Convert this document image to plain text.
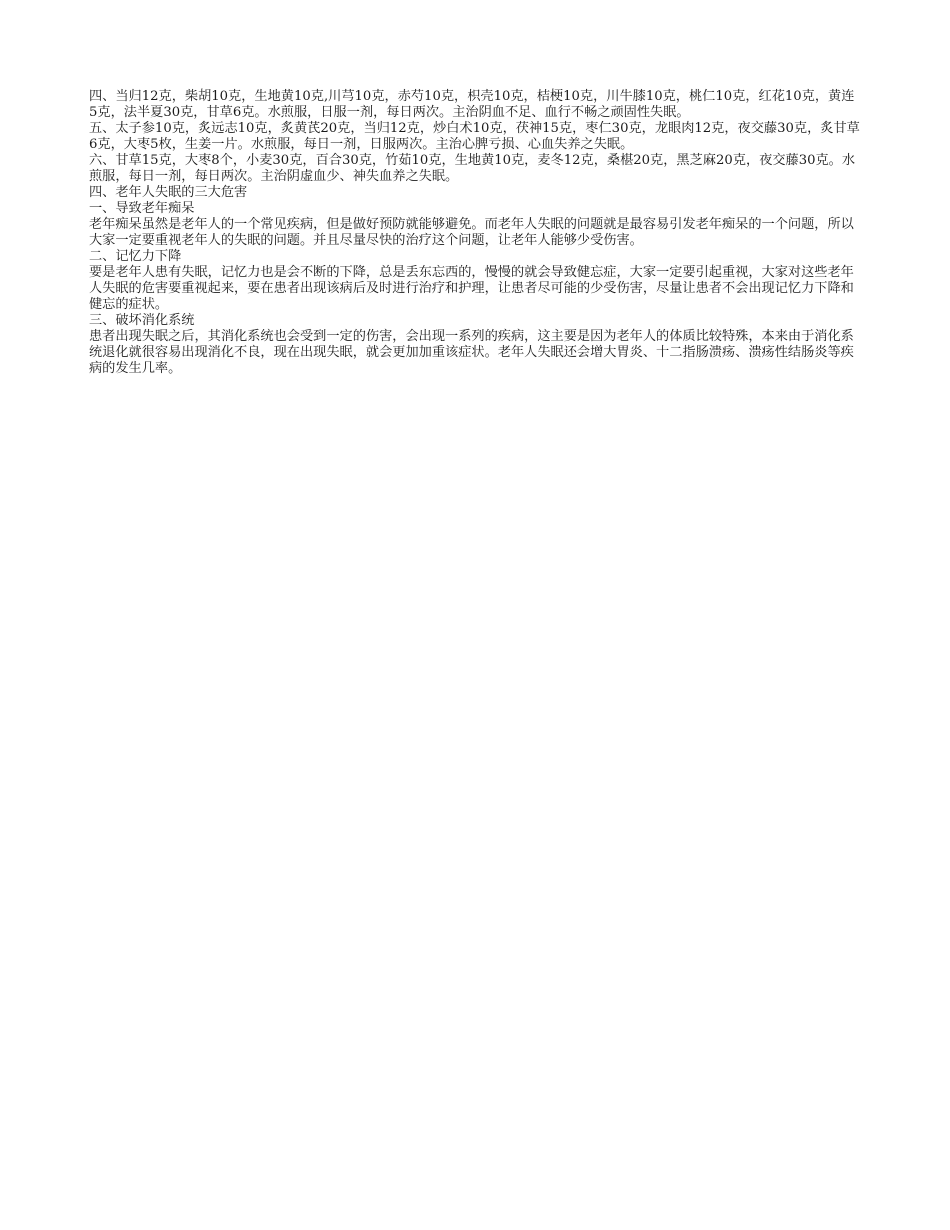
四、当归12克，柴胡10克，生地黄10克,川芎10克，赤芍10克，枳壳10克，桔梗10克，川牛膝10克，桃仁10克，红花10克，黄连5克，法半夏30克，甘草6克。水煎服，日服一剂，每日两次。主治阴血不足、血行不畅之顽固性失眠。

五、太子参10克，炙远志10克，炙黄芪20克，当归12克，炒白术10克，茯神15克，枣仁30克，龙眼肉12克，夜交藤30克，炙甘草6克，大枣5枚，生姜一片。水煎服，每日一剂，日服两次。主治心脾亏损、心血失养之失眠。

六、甘草15克，大枣8个，小麦30克，百合30克，竹茹10克，生地黄10克，麦冬12克，桑椹20克，黑芝麻20克，夜交藤30克。水煎服，每日一剂，每日两次。主治阴虚血少、神失血养之失眠。

四、老年人失眠的三大危害

一、导致老年痴呆

老年痴呆虽然是老年人的一个常见疾病，但是做好预防就能够避免。而老年人失眠的问题就是最容易引发老年痴呆的一个问题，所以大家一定要重视老年人的失眠的问题。并且尽量尽快的治疗这个问题，让老年人能够少受伤害。

二、记忆力下降

要是老年人患有失眠，记忆力也是会不断的下降，总是丢东忘西的，慢慢的就会导致健忘症，大家一定要引起重视，大家对这些老年人失眠的危害要重视起来，要在患者出现该病后及时进行治疗和护理，让患者尽可能的少受伤害，尽量让患者不会出现记忆力下降和健忘的症状。

三、破坏消化系统

患者出现失眠之后，其消化系统也会受到一定的伤害，会出现一系列的疾病，这主要是因为老年人的体质比较特殊，本来由于消化系统退化就很容易出现消化不良，现在出现失眠，就会更加加重该症状。老年人失眠还会增大胃炎、十二指肠溃疡、溃疡性结肠炎等疾病的发生几率。
